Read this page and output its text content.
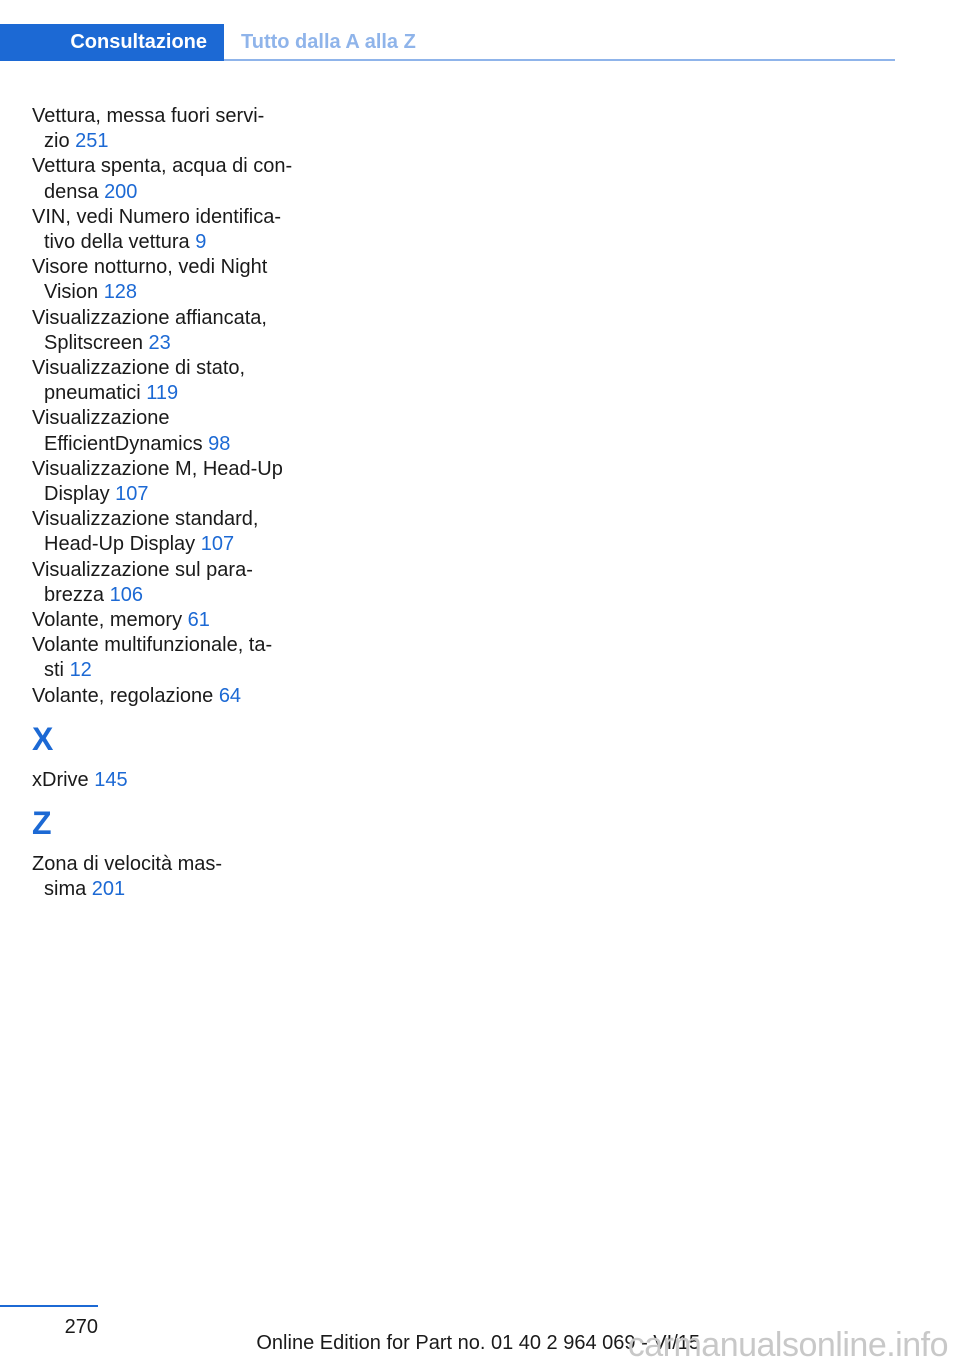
Consultazione	Tutto dalla A alla Z
Vettura, messa fuori servi-
zio 251
Vettura spenta, acqua di con-
densa 200
VIN, vedi Numero identifica-
tivo della vettura 9
Visore notturno, vedi Night
Vision 128
Visualizzazione affiancata,
Splitscreen 23
Visualizzazione di stato,
pneumatici 119
Visualizzazione
EfficientDynamics 98
Visualizzazione M, Head-Up
Display 107
Visualizzazione standard,
Head-Up Display 107
Visualizzazione sul para-
brezza 106
Volante, memory 61
Volante multifunzionale, ta-
sti 12
Volante, regolazione 64
X
xDrive 145
Z
Zona di velocità mas-
sima 201
270
Online Edition for Part no. 01 40 2 964 069 - VI/15
carmanualsonline.info
